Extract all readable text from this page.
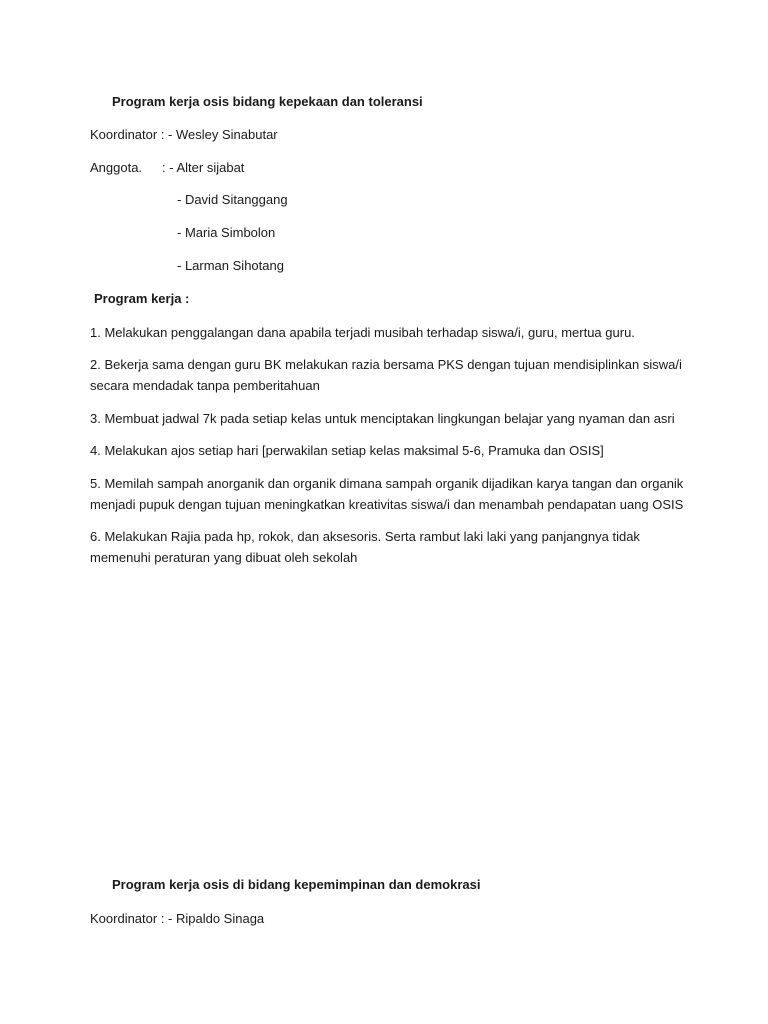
Program kerja osis bidang kepekaan dan toleransi
Koordinator : - Wesley Sinabutar
Anggota. : - Alter sijabat
- David Sitanggang
- Maria Simbolon
- Larman Sihotang
Program kerja :
1. Melakukan penggalangan dana apabila terjadi musibah terhadap siswa/i, guru, mertua guru.
2. Bekerja sama dengan guru BK melakukan razia bersama PKS dengan tujuan mendisiplinkan siswa/i
secara mendadak tanpa pemberitahuan
3. Membuat jadwal 7k pada setiap kelas untuk menciptakan lingkungan belajar yang nyaman dan asri
4. Melakukan ajos setiap hari [perwakilan setiap kelas maksimal 5-6, Pramuka dan OSIS]
5. Memilah sampah anorganik dan organik dimana sampah organik dijadikan karya tangan dan organik
menjadi pupuk dengan tujuan meningkatkan kreativitas siswa/i dan menambah pendapatan uang OSIS
6. Melakukan Rajia pada hp, rokok, dan aksesoris. Serta rambut laki laki yang panjangnya tidak
memenuhi peraturan yang dibuat oleh sekolah
Program kerja osis di bidang kepemimpinan dan demokrasi
Koordinator : - Ripaldo Sinaga
